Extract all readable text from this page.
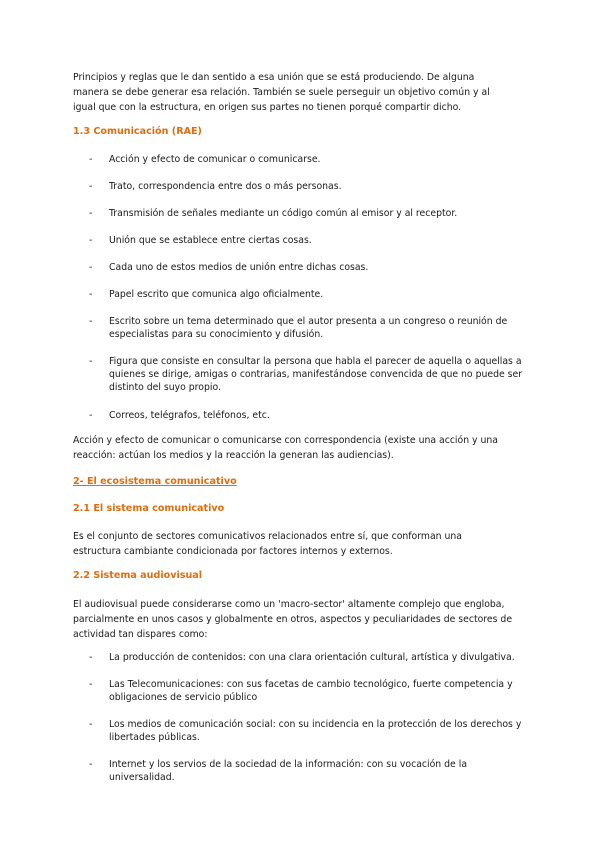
Principios y reglas que le dan sentido a esa unión que se está produciendo. De alguna manera se debe generar esa relación. También se suele perseguir un objetivo común y al igual que con la estructura, en origen sus partes no tienen porqué compartir dicho.

1.3 Comunicación (RAE)

- Acción y efecto de comunicar o comunicarse.
- Trato, correspondencia entre dos o más personas.
- Transmisión de señales mediante un código común al emisor y al receptor.
- Unión que se establece entre ciertas cosas.
- Cada uno de estos medios de unión entre dichas cosas.
- Papel escrito que comunica algo oficialmente.
- Escrito sobre un tema determinado que el autor presenta a un congreso o reunión de especialistas para su conocimiento y difusión.
- Figura que consiste en consultar la persona que habla el parecer de aquella o aquellas a quienes se dirige, amigas o contrarias, manifestándose convencida de que no puede ser distinto del suyo propio.
- Correos, telégrafos, teléfonos, etc.

Acción y efecto de comunicar o comunicarse con correspondencia (existe una acción y una reacción: actúan los medios y la reacción la generan las audiencias).

2- El ecosistema comunicativo

2.1 El sistema comunicativo

Es el conjunto de sectores comunicativos relacionados entre sí, que conforman una estructura cambiante condicionada por factores internos y externos.

2.2 Sistema audiovisual

El audiovisual puede considerarse como un 'macro-sector' altamente complejo que engloba, parcialmente en unos casos y globalmente en otros, aspectos y peculiaridades de sectores de actividad tan dispares como:

- La producción de contenidos: con una clara orientación cultural, artística y divulgativa.
- Las Telecomunicaciones: con sus facetas de cambio tecnológico, fuerte competencia y obligaciones de servicio público
- Los medios de comunicación social: con su incidencia en la protección de los derechos y libertades públicas.
- Internet y los servios de la sociedad de la información: con su vocación de la universalidad.
